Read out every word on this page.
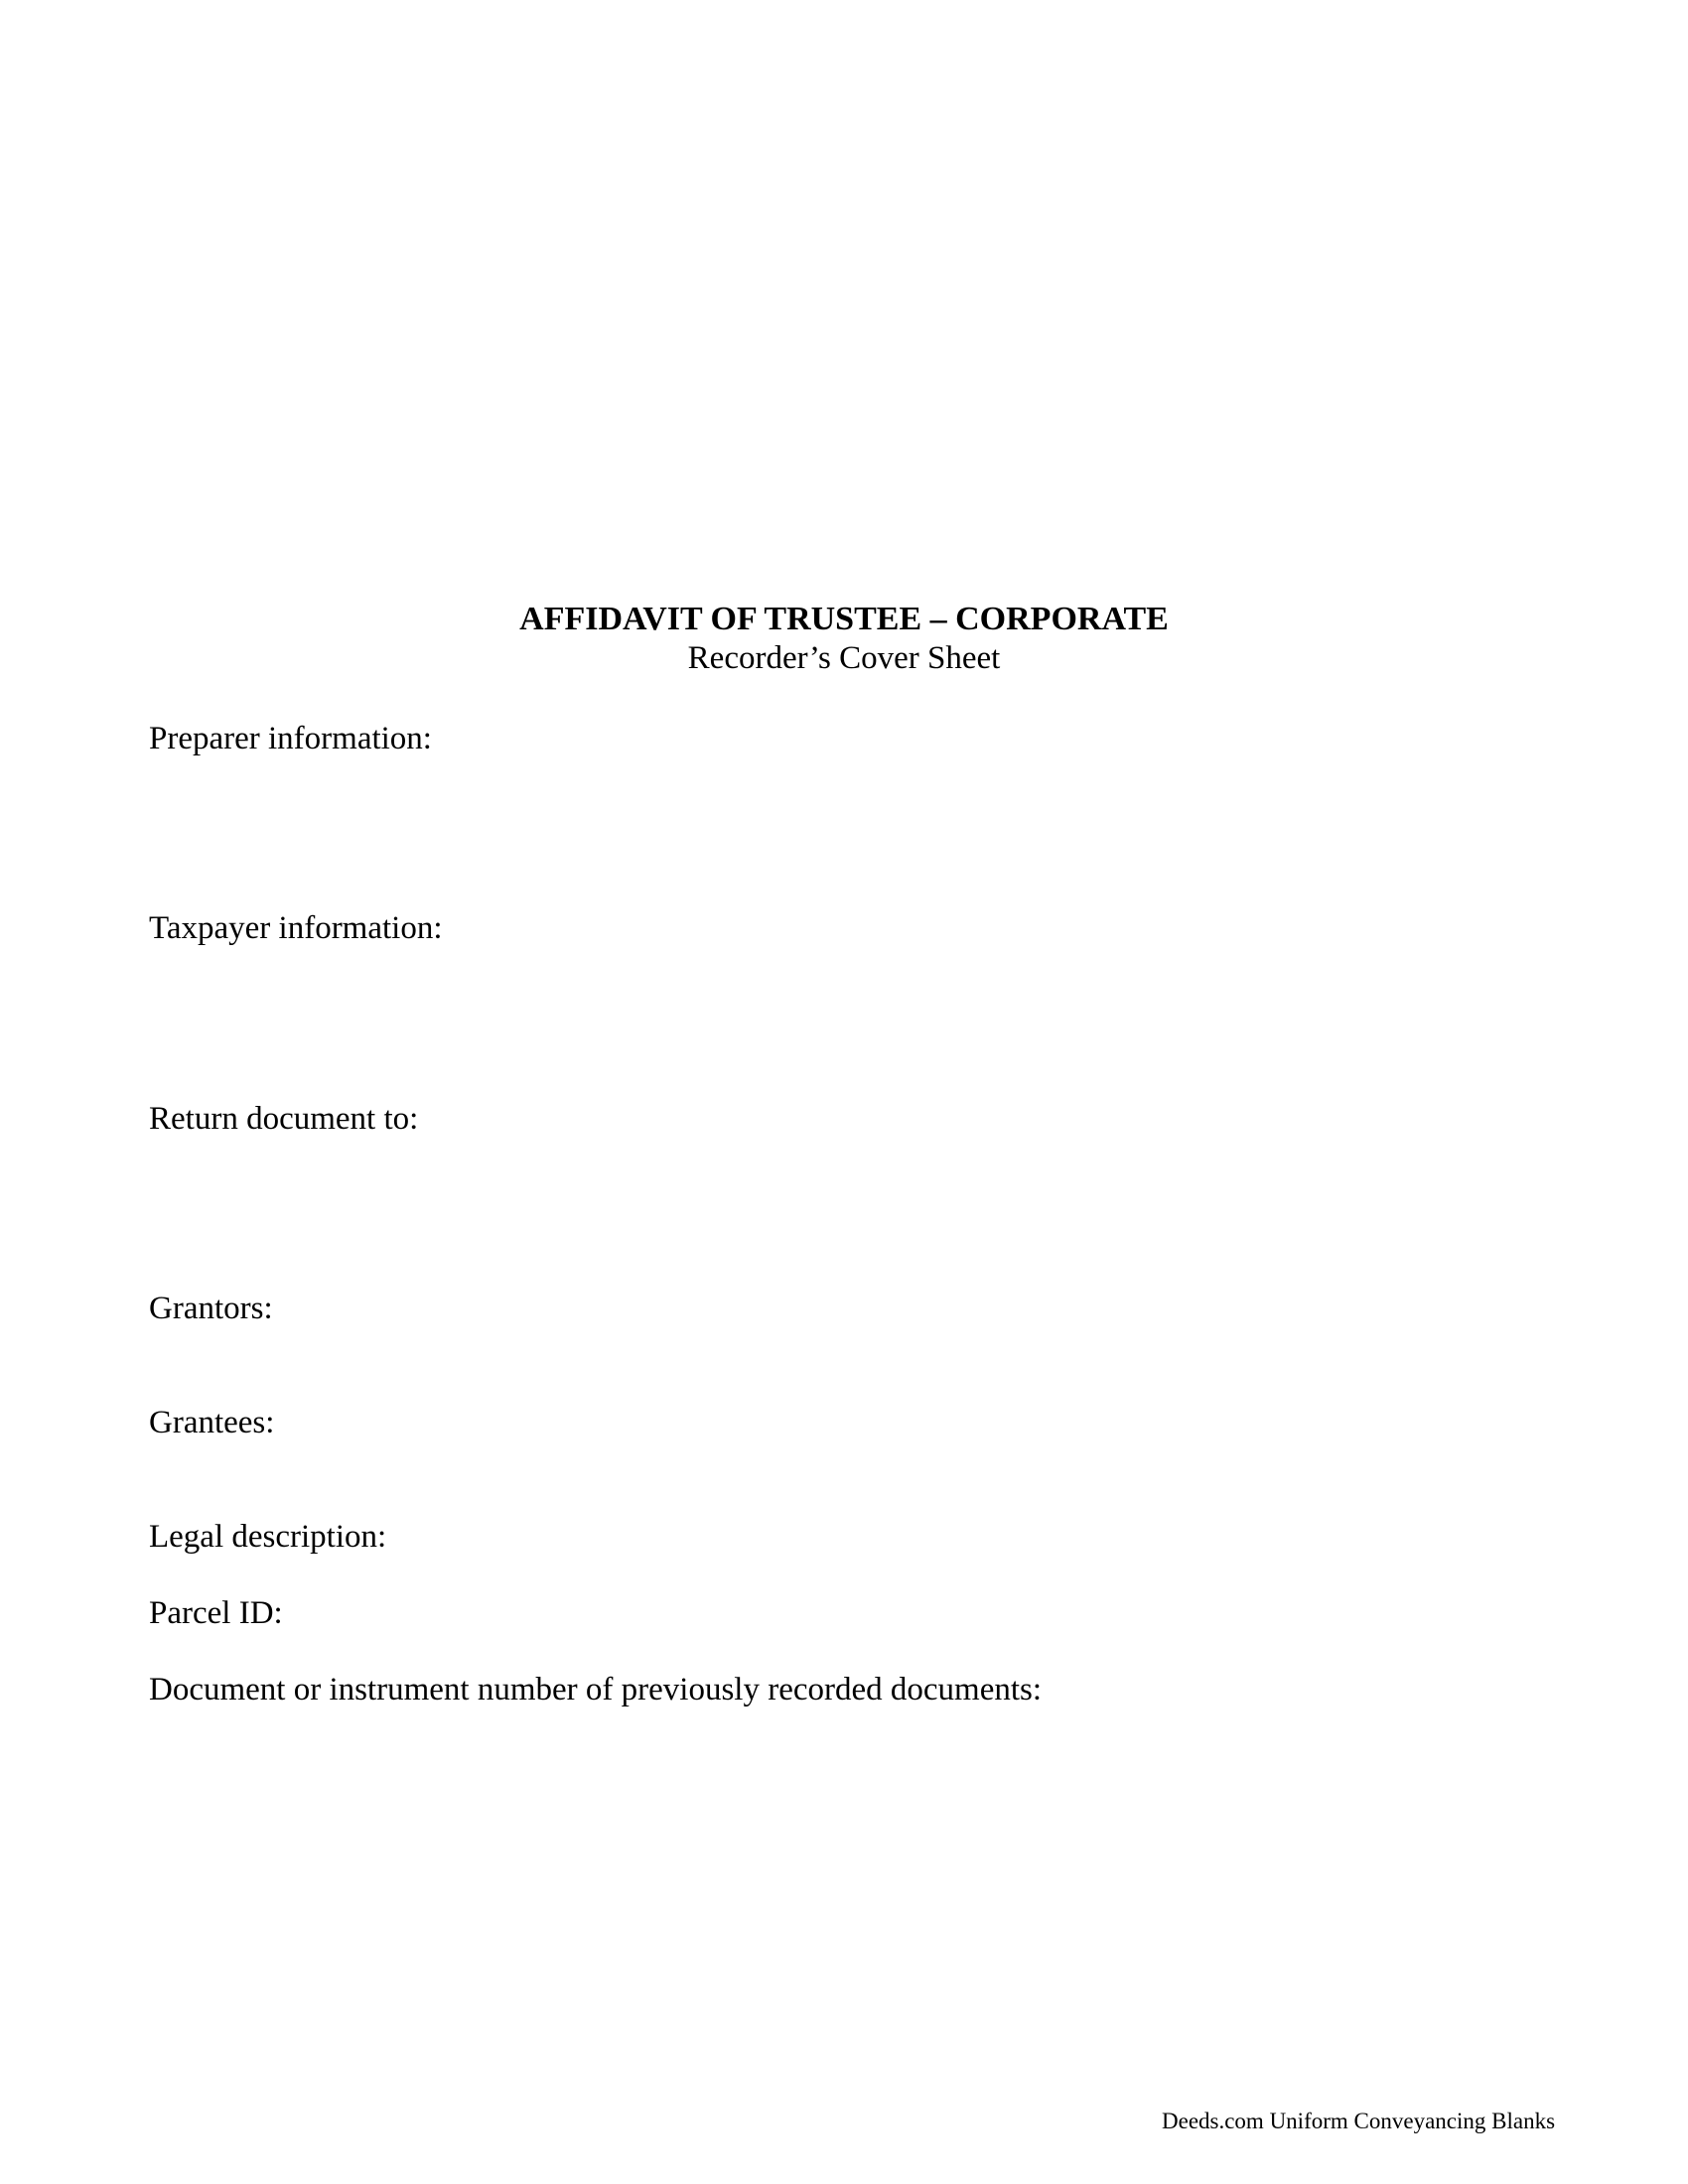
AFFIDAVIT OF TRUSTEE – CORPORATE
Recorder’s Cover Sheet
Preparer information:
Taxpayer information:
Return document to:
Grantors:
Grantees:
Legal description:
Parcel ID:
Document or instrument number of previously recorded documents:
Deeds.com Uniform Conveyancing Blanks
